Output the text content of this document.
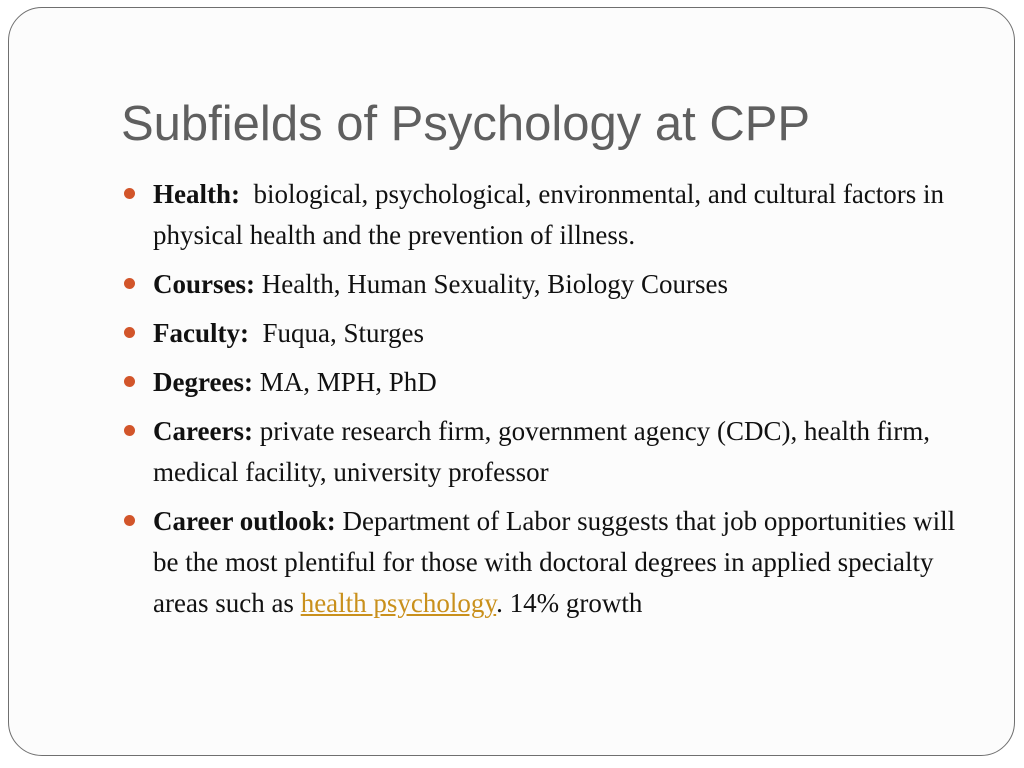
Subfields of Psychology at CPP
Health: biological, psychological, environmental, and cultural factors in physical health and the prevention of illness.
Courses: Health, Human Sexuality, Biology Courses
Faculty: Fuqua, Sturges
Degrees: MA, MPH, PhD
Careers: private research firm, government agency (CDC), health firm, medical facility, university professor
Career outlook: Department of Labor suggests that job opportunities will be the most plentiful for those with doctoral degrees in applied specialty areas such as health psychology. 14% growth
